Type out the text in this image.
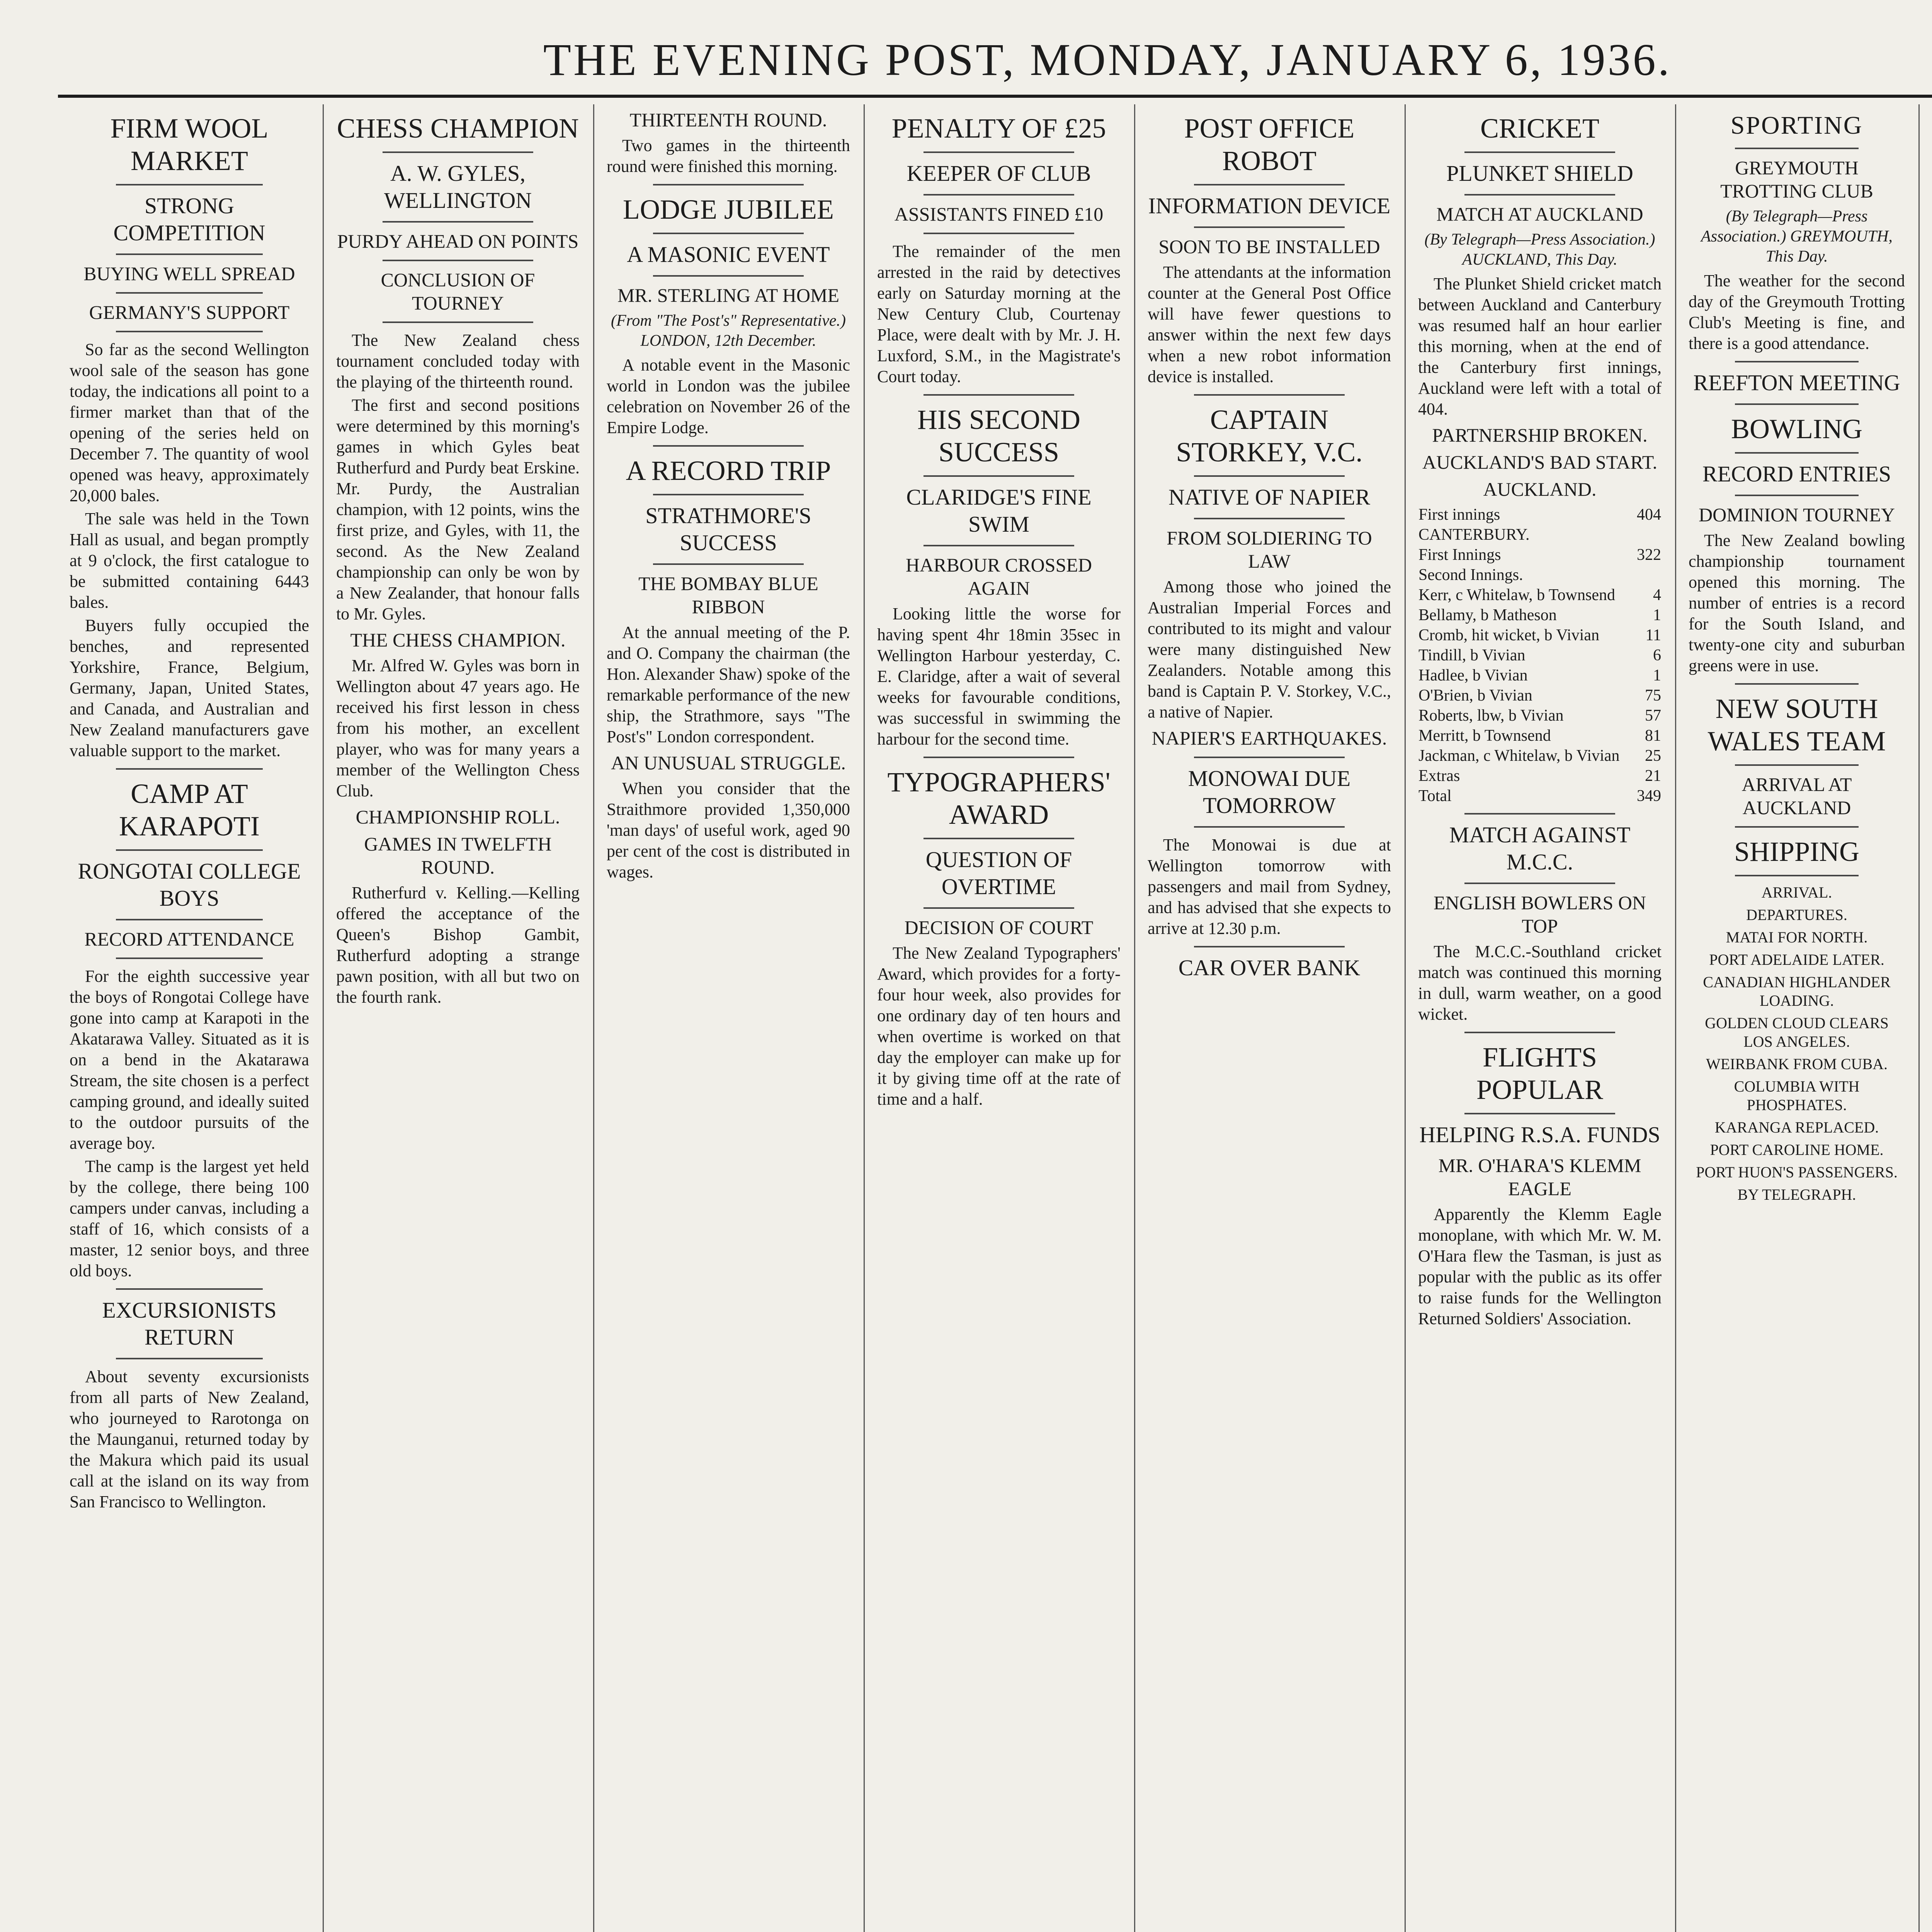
THE EVENING POST, MONDAY, JANUARY 6, 1936.
FIRM WOOL MARKET
STRONG COMPETITION
BUYING WELL SPREAD
GERMANY'S SUPPORT

So far as the second Wellington wool sale of the season has gone today, the indications all point to a firmer market than that of the opening of the series held on December 7. The quantity of wool opened was heavy, approximately 20,000 bales.

The sale was held in the Town Hall as usual, and began promptly at 9 o'clock, the first catalogue to be submitted containing 6443 bales.

Buyers fully occupied the benches, and represented Yorkshire, France, Belgium, Germany, Japan, United States, and Canada, and Australian and New Zealand manufacturers gave valuable support to the market.

CAMP AT KARAPOTI
RONGOTAI COLLEGE BOYS
RECORD ATTENDANCE

For the eighth successive year the boys of Rongotai College have gone into camp at Karapoti in the Akatarawa Valley. Situated as it is on a bend in the Akatarawa Stream, the site chosen is a perfect camping ground, and ideally suited to the outdoor pursuits of the average boy.

The camp is the largest yet held by the college, there being 100 campers under canvas, including a staff of 16, which consists of a master, 12 senior boys, and three old boys.

EXCURSIONISTS RETURN

About seventy excursionists from all parts of New Zealand, who journeyed to Rarotonga on the Maunganui, returned today by the Makura which paid its usual call at the island on its way from San Francisco to Wellington.

CHESS CHAMPION
A. W. GYLES, WELLINGTON
PURDY AHEAD ON POINTS
CONCLUSION OF TOURNEY

The New Zealand chess tournament concluded today with the playing of the thirteenth round.

The first and second positions were determined by this morning's games in which Gyles beat Rutherfurd and Purdy beat Erskine. Mr. Purdy, the Australian champion, with 12 points, wins the first prize, and Gyles, with 11, the second. As the New Zealand championship can only be won by a New Zealander, that honour falls to Mr. Gyles.

THE CHESS CHAMPION.

Mr. Alfred W. Gyles was born in Wellington about 47 years ago. He received his first lesson in chess from his mother, an excellent player, who was for many years a member of the Wellington Chess Club.

CHAMPIONSHIP ROLL.
GAMES IN TWELFTH ROUND.

Rutherfurd v. Kelling.—Kelling offered the acceptance of the Queen's Bishop Gambit, Rutherfurd adopting a strange pawn position, with all but two on the fourth rank.

THIRTEENTH ROUND.

Two games in the thirteenth round were finished this morning.

LODGE JUBILEE
A MASONIC EVENT
MR. STERLING AT HOME
(From "The Post's" Representative.) LONDON, 12th December.

A notable event in the Masonic world in London was the jubilee celebration on November 26 of the Empire Lodge.

A RECORD TRIP
STRATHMORE'S SUCCESS
THE BOMBAY BLUE RIBBON

At the annual meeting of the P. and O. Company the chairman (the Hon. Alexander Shaw) spoke of the remarkable performance of the new ship, the Strathmore, says "The Post's" London correspondent.

AN UNUSUAL STRUGGLE.

When you consider that the Straithmore provided 1,350,000 'man days' of useful work, aged 90 per cent of the cost is distributed in wages.

PENALTY OF £25
KEEPER OF CLUB
ASSISTANTS FINED £10

The remainder of the men arrested in the raid by detectives early on Saturday morning at the New Century Club, Courtenay Place, were dealt with by Mr. J. H. Luxford, S.M., in the Magistrate's Court today.

HIS SECOND SUCCESS
CLARIDGE'S FINE SWIM
HARBOUR CROSSED AGAIN

Looking little the worse for having spent 4hr 18min 35sec in Wellington Harbour yesterday, C. E. Claridge, after a wait of several weeks for favourable conditions, was successful in swimming the harbour for the second time.

TYPOGRAPHERS' AWARD
QUESTION OF OVERTIME
DECISION OF COURT

The New Zealand Typographers' Award, which provides for a forty-four hour week, also provides for one ordinary day of ten hours and when overtime is worked on that day the employer can make up for it by giving time off at the rate of time and a half.

POST OFFICE ROBOT
INFORMATION DEVICE
SOON TO BE INSTALLED

The attendants at the information counter at the General Post Office will have fewer questions to answer within the next few days when a new robot information device is installed.

CAPTAIN STORKEY, V.C.
NATIVE OF NAPIER
FROM SOLDIERING TO LAW

Among those who joined the Australian Imperial Forces and contributed to its might and valour were many distinguished New Zealanders. Notable among this band is Captain P. V. Storkey, V.C., a native of Napier.

NAPIER'S EARTHQUAKES.
MONOWAI DUE TOMORROW

The Monowai is due at Wellington tomorrow with passengers and mail from Sydney, and has advised that she expects to arrive at 12.30 p.m.

CAR OVER BANK
CRICKET
PLUNKET SHIELD
MATCH AT AUCKLAND
(By Telegraph—Press Association.) AUCKLAND, This Day.

The Plunket Shield cricket match between Auckland and Canterbury was resumed half an hour earlier this morning, when at the end of the Canterbury first innings, Auckland were left with a total of 404.

PARTNERSHIP BROKEN.
AUCKLAND'S BAD START.
AUCKLAND.
First innings	404
CANTERBURY.	
First Innings	322
Second Innings.	
Kerr, c Whitelaw, b Townsend	4
Bellamy, b Matheson	1
Cromb, hit wicket, b Vivian	11
Tindill, b Vivian	6
Hadlee, b Vivian	1
O'Brien, b Vivian	75
Roberts, lbw, b Vivian	57
Merritt, b Townsend	81
Jackman, c Whitelaw, b Vivian	25
Extras	21
Total	349
MATCH AGAINST M.C.C.
ENGLISH BOWLERS ON TOP

The M.C.C.-Southland cricket match was continued this morning in dull, warm weather, on a good wicket.

FLIGHTS POPULAR
HELPING R.S.A. FUNDS
MR. O'HARA'S KLEMM EAGLE

Apparently the Klemm Eagle monoplane, with which Mr. W. M. O'Hara flew the Tasman, is just as popular with the public as its offer to raise funds for the Wellington Returned Soldiers' Association.

SPORTING
GREYMOUTH TROTTING CLUB
(By Telegraph—Press Association.) GREYMOUTH, This Day.

The weather for the second day of the Greymouth Trotting Club's Meeting is fine, and there is a good attendance.

REEFTON MEETING
BOWLING
RECORD ENTRIES
DOMINION TOURNEY

The New Zealand bowling championship tournament opened this morning. The number of entries is a record for the South Island, and twenty-one city and suburban greens were in use.

NEW SOUTH WALES TEAM
ARRIVAL AT AUCKLAND
SHIPPING
ARRIVAL.
DEPARTURES.
MATAI FOR NORTH.
PORT ADELAIDE LATER.
CANADIAN HIGHLANDER LOADING.
GOLDEN CLOUD CLEARS LOS ANGELES.
WEIRBANK FROM CUBA.
COLUMBIA WITH PHOSPHATES.
KARANGA REPLACED.
PORT CAROLINE HOME.
PORT HUON'S PASSENGERS.
BY TELEGRAPH.
